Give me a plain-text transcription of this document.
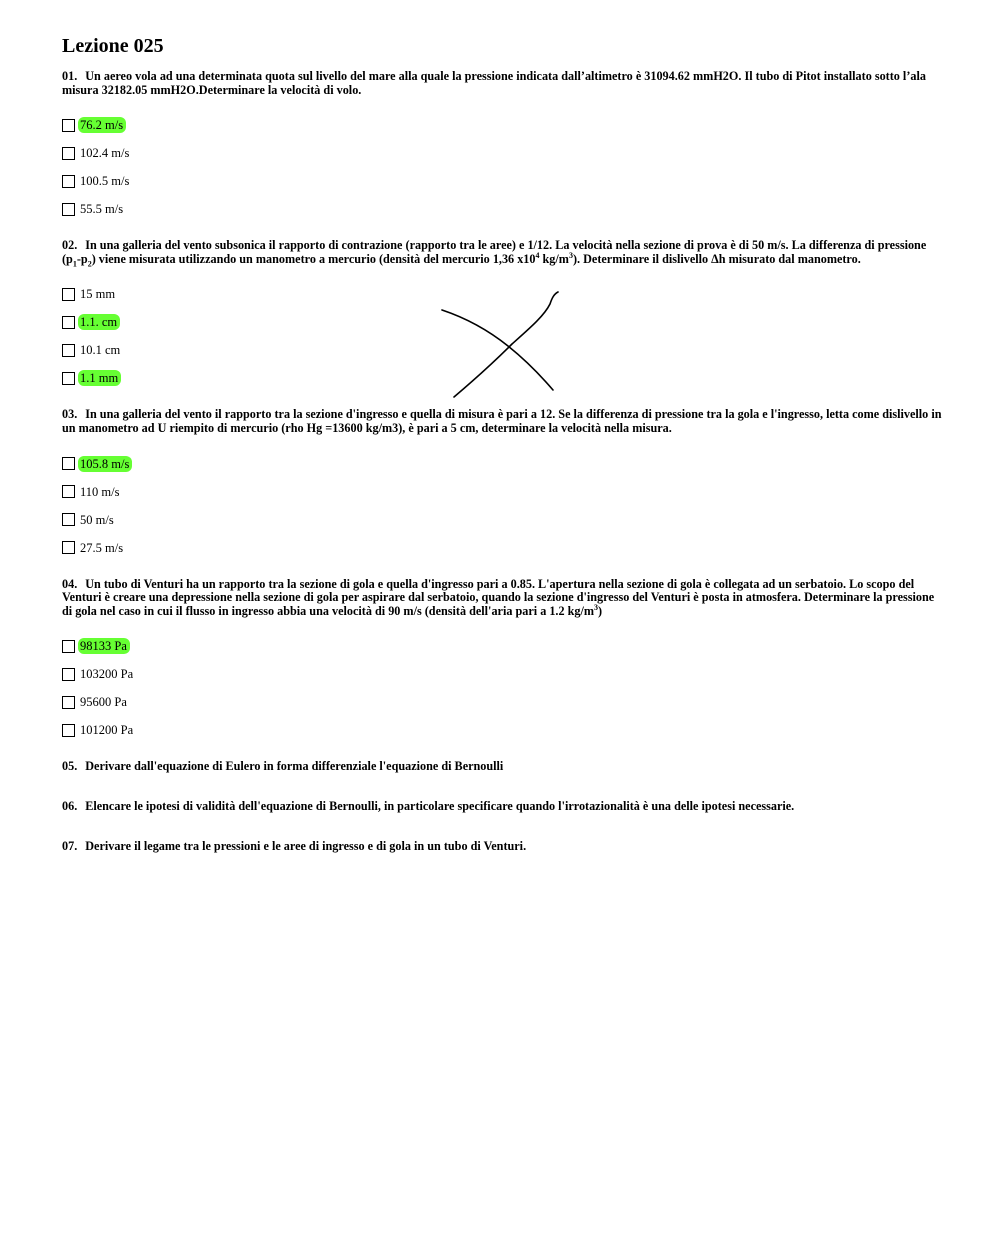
Lezione 025

01. Un aereo vola ad una determinata quota sul livello del mare alla quale la pressione indicata dall’altimetro è 31094.62 mmH2O. Il tubo di Pitot installato sotto l’ala misura 32182.05 mmH2O.Determinare la velocità di volo.

76.2 m/s
102.4 m/s
100.5 m/s
55.5 m/s

02. In una galleria del vento subsonica il rapporto di contrazione (rapporto tra le aree) e 1/12. La velocità nella sezione di prova è di 50 m/s. La differenza di pressione $(p_1-p_2)$ viene misurata utilizzando un manometro a mercurio (densità del mercurio 1,36 $x10^4$ $kg/m^3$). Determinare il dislivello Δh misurato dal manometro.

15 mm
1.1. cm
10.1 cm
1.1 mm

03. In una galleria del vento il rapporto tra la sezione d'ingresso e quella di misura è pari a 12. Se la differenza di pressione tra la gola e l'ingresso, letta come dislivello in un manometro ad U riempito di mercurio (rho Hg =13600 kg/m3), è pari a 5 cm, determinare la velocità nella misura.

105.8 m/s
110 m/s
50 m/s
27.5 m/s

04. Un tubo di Venturi ha un rapporto tra la sezione di gola e quella d'ingresso pari a 0.85. L'apertura nella sezione di gola è collegata ad un serbatoio. Lo scopo del Venturi è creare una depressione nella sezione di gola per aspirare dal serbatoio, quando la sezione d'ingresso del Venturi è posta in atmosfera. Determinare la pressione di gola nel caso in cui il flusso in ingresso abbia una velocità di 90 m/s (densità dell'aria pari a 1.2 $kg/m^3$)

98133 Pa
103200 Pa
95600 Pa
101200 Pa

05. Derivare dall'equazione di Eulero in forma differenziale l'equazione di Bernoulli

06. Elencare le ipotesi di validità dell'equazione di Bernoulli, in particolare specificare quando l'irrotazionalità è una delle ipotesi necessarie.

07. Derivare il legame tra le pressioni e le aree di ingresso e di gola in un tubo di Venturi.
